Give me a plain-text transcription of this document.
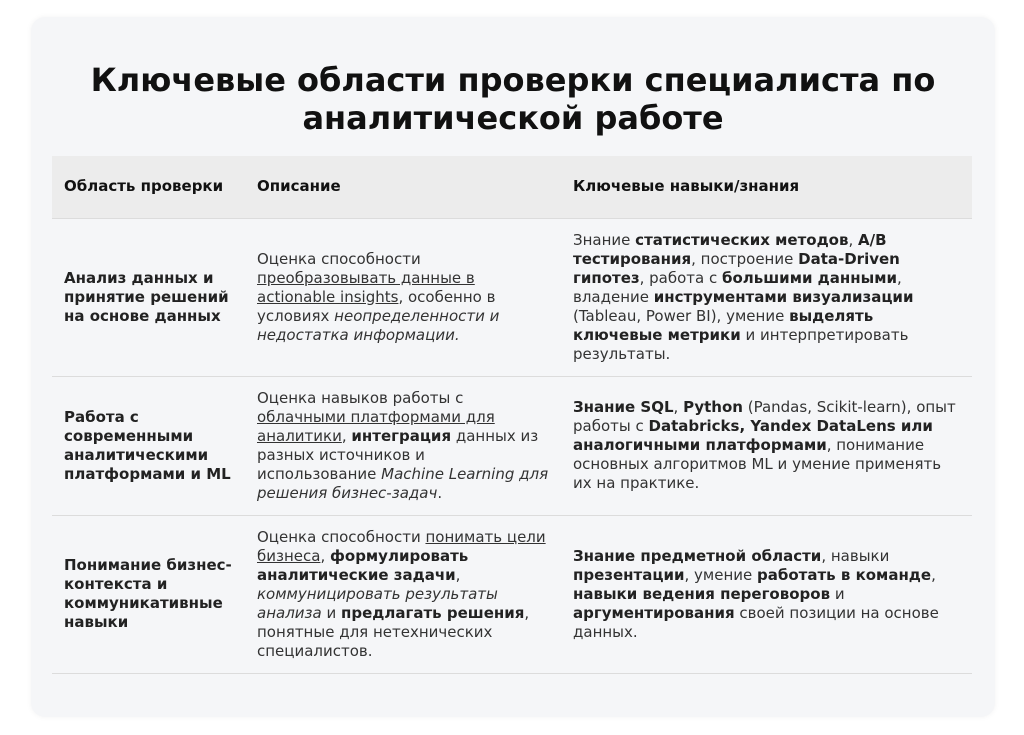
Ключевые области проверки специалиста по аналитической работе
Область проверки	Описание	Ключевые навыки/знания
Анализ данных и принятие решений на основе данных	Оценка способности преобразовывать данные в actionable insights, особенно в условиях неопределенности и недостатка информации.	Знание статистических методов, A/B тестирования, построение Data-Driven гипотез, работа с большими данными, владение инструментами визуализации (Tableau, Power BI), умение выделять ключевые метрики и интерпретировать результаты.
Работа с современными аналитическими платформами и ML	Оценка навыков работы с облачными платформами для аналитики, интеграция данных из разных источников и использование Machine Learning для решения бизнес-задач.	Знание SQL, Python (Pandas, Scikit-learn), опыт работы с Databricks, Yandex DataLens или аналогичными платформами, понимание основных алгоритмов ML и умение применять их на практике.
Понимание бизнес-контекста и коммуникативные навыки	Оценка способности понимать цели бизнеса, формулировать аналитические задачи, коммуницировать результаты анализа и предлагать решения, понятные для нетехнических специалистов.	Знание предметной области, навыки презентации, умение работать в команде, навыки ведения переговоров и аргументирования своей позиции на основе данных.
